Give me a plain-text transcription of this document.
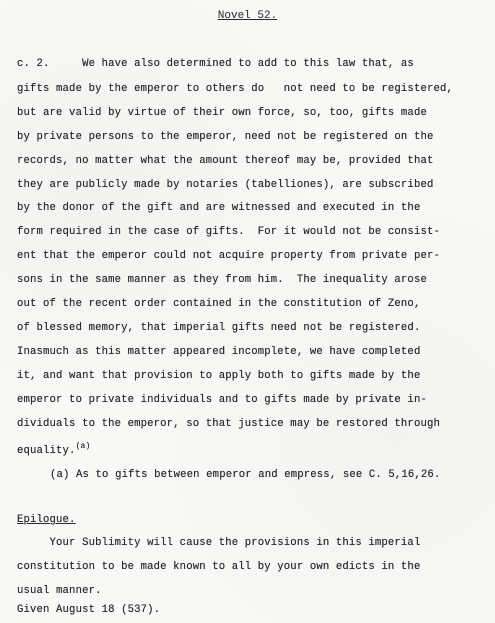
Novel 52.
c. 2.     We have also determined to add to this law that, as
gifts made by the emperor to others do   not need to be registered,
but are valid by virtue of their own force, so, too, gifts made
by private persons to the emperor, need not be registered on the
records, no matter what the amount thereof may be, provided that
they are publicly made by notaries (tabelliones), are subscribed
by the donor of the gift and are witnessed and executed in the
form required in the case of gifts.  For it would not be consist-
ent that the emperor could not acquire property from private per-
sons in the same manner as they from him.  The inequality arose
out of the recent order contained in the constitution of Zeno,
of blessed memory, that imperial gifts need not be registered.
Inasmuch as this matter appeared incomplete, we have completed
it, and want that provision to apply both to gifts made by the
emperor to private individuals and to gifts made by private in-
dividuals to the emperor, so that justice may be restored through
equality.$^{(a)}$
(a) As to gifts between emperor and empress, see C. 5,16,26.
Epilogue.
Your Sublimity will cause the provisions in this imperial
constitution to be made known to all by your own edicts in the
usual manner.
Given August 18 (537).
